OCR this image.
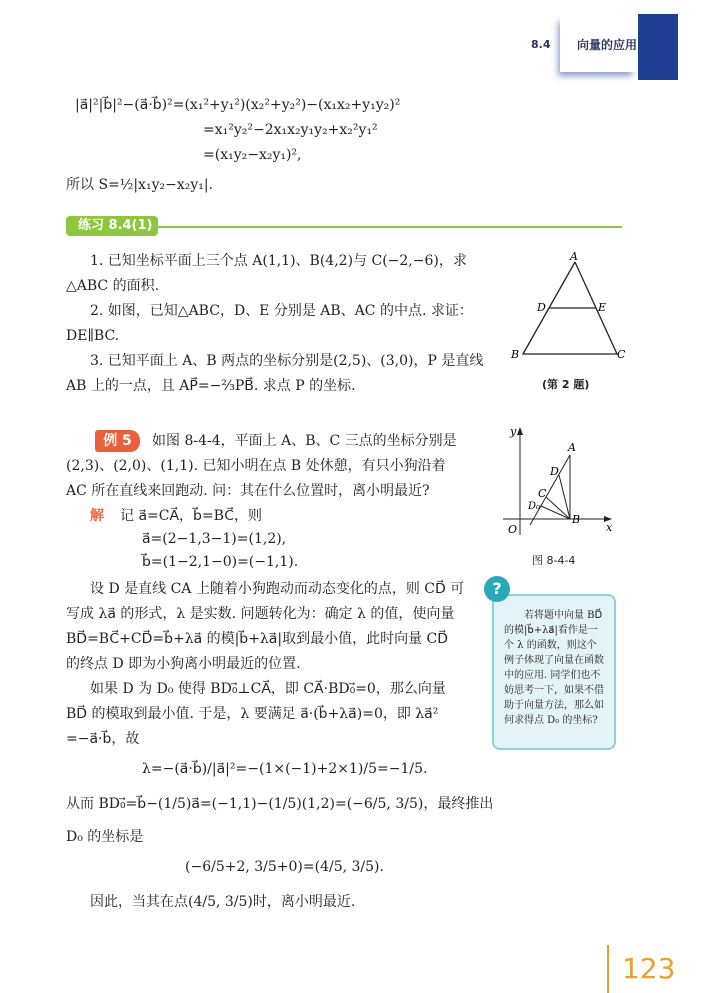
8.4 向量的应用
|a⃗|²|b⃗|²−(a⃗·b⃗)²=(x₁²+y₁²)(x₂²+y₂²)−(x₁x₂+y₁y₂)²
=x₁²y₂²−2x₁x₂y₁y₂+x₂²y₁²
=(x₁y₂−x₂y₁)²,
所以 S=½|x₁y₂−x₂y₁|.
练习 8.4(1)
1. 已知坐标平面上三个点 A(1,1)、B(4,2)与 C(−2,−6)，求
△ABC 的面积.
2. 如图，已知△ABC，D、E 分别是 AB、AC 的中点. 求证：
DE∥BC.
3. 已知平面上 A、B 两点的坐标分别是(2,5)、(3,0)，P 是直线
AB 上的一点，且 AP⃗=−⅔PB⃗. 求点 P 的坐标.
A
D	E
B	C
(第 2 题)
例 5	如图 8-4-4，平面上 A、B、C 三点的坐标分别是
(2,3)、(2,0)、(1,1). 已知小明在点 B 处休憩，有只小狗沿着
AC 所在直线来回跑动. 问：其在什么位置时，离小明最近?
解 记 a⃗=CA⃗，b⃗=BC⃗，则
a⃗=(2−1,3−1)=(1,2),
b⃗=(1−2,1−0)=(−1,1).
设 D 是直线 CA 上随着小狗跑动而动态变化的点，则 CD⃗ 可
写成 λa⃗ 的形式，λ 是实数. 问题转化为：确定 λ 的值，使向量
BD⃗=BC⃗+CD⃗=b⃗+λa⃗ 的模|b⃗+λa⃗|取到最小值，此时向量 CD⃗
的终点 D 即为小狗离小明最近的位置.
如果 D 为 D₀ 使得 BD₀⃗⊥CA⃗，即 CA⃗·BD₀⃗=0，那么向量
BD⃗ 的模取到最小值. 于是，λ 要满足 a⃗·(b⃗+λa⃗)=0，即 λa⃗²
=−a⃗·b⃗，故
λ=−(a⃗·b⃗)/|a⃗|²=−(1×(−1)+2×1)/5=−1/5.
从而 BD₀⃗=b⃗−(1/5)a⃗=(−1,1)−(1/5)(1,2)=(−6/5, 3/5)，最终推出
D₀ 的坐标是
(−6/5+2, 3/5+0)=(4/5, 3/5).
因此，当其在点(4/5, 3/5)时，离小明最近.
y
A
D
C
D₀
B
O	x
图 8-4-4
若将题中向量 BD⃗ 的模|b⃗+λa⃗|看作是一个 λ 的函数，则这个例子体现了向量在函数中的应用. 同学们也不妨思考一下，如果不借助于向量方法，那么如何求得点 D₀ 的坐标?
?
123
